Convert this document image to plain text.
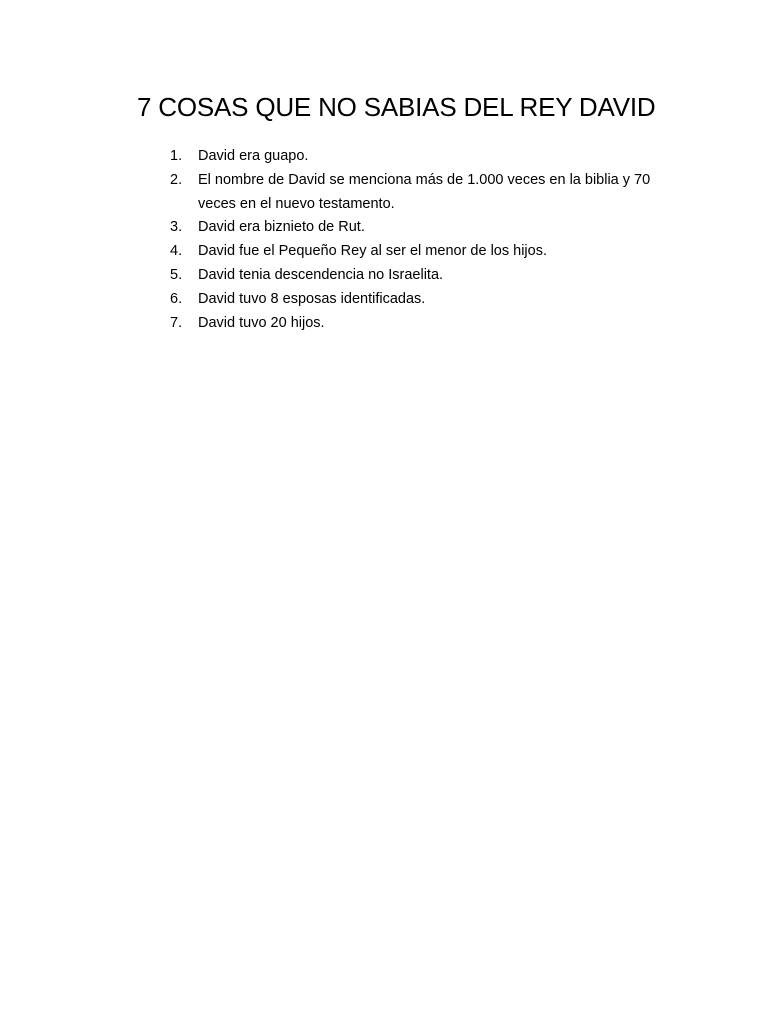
7 COSAS QUE NO SABIAS DEL REY DAVID
1.	David era guapo.
2.	El nombre de David se menciona más de 1.000 veces en la biblia y 70 veces en el nuevo testamento.
3.	David era biznieto de Rut.
4.	David fue el Pequeño Rey al ser el menor de los hijos.
5.	David tenia descendencia no Israelita.
6.	David tuvo 8 esposas identificadas.
7.	David tuvo 20 hijos.
